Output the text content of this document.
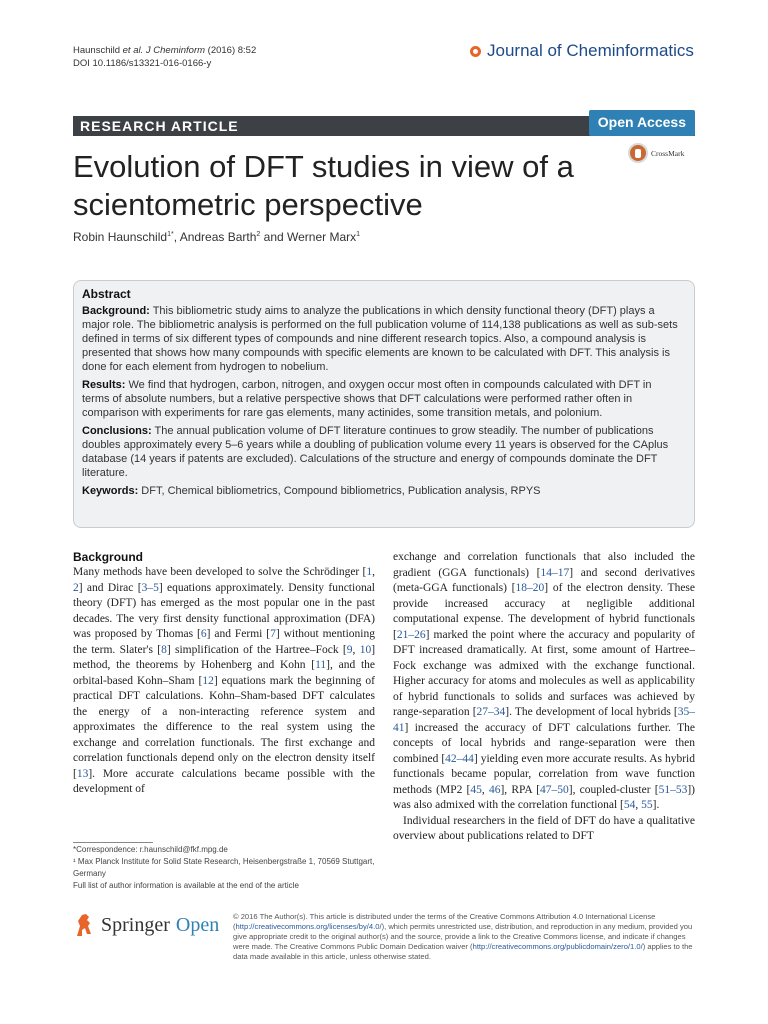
Haunschild et al. J Cheminform (2016) 8:52
DOI 10.1186/s13321-016-0166-y
Journal of Cheminformatics
RESEARCH ARTICLE	Open Access
CrossMark
Evolution of DFT studies in view of a scientometric perspective
Robin Haunschild$^{1*}$, Andreas Barth$^2$ and Werner Marx$^1$
Abstract

Background: This bibliometric study aims to analyze the publications in which density functional theory (DFT) plays a major role. The bibliometric analysis is performed on the full publication volume of 114,138 publications as well as sub-sets defined in terms of six different types of compounds and nine different research topics. Also, a compound analysis is presented that shows how many compounds with specific elements are known to be calculated with DFT. This analysis is done for each element from hydrogen to nobelium.

Results: We find that hydrogen, carbon, nitrogen, and oxygen occur most often in compounds calculated with DFT in terms of absolute numbers, but a relative perspective shows that DFT calculations were performed rather often in comparison with experiments for rare gas elements, many actinides, some transition metals, and polonium.

Conclusions: The annual publication volume of DFT literature continues to grow steadily. The number of publications doubles approximately every 5–6 years while a doubling of publication volume every 11 years is observed for the CAplus database (14 years if patents are excluded). Calculations of the structure and energy of compounds dominate the DFT literature.

Keywords: DFT, Chemical bibliometrics, Compound bibliometrics, Publication analysis, RPYS

Background

Many methods have been developed to solve the Schrödinger [1, 2] and Dirac [3–5] equations approximately. Density functional theory (DFT) has emerged as the most popular one in the past decades. The very first density functional approximation (DFA) was proposed by Thomas [6] and Fermi [7] without mentioning the term. Slater's [8] simplification of the Hartree–Fock [9, 10] method, the theorems by Hohenberg and Kohn [11], and the orbital-based Kohn–Sham [12] equations mark the beginning of practical DFT calculations. Kohn–Sham-based DFT calculates the energy of a non-interacting reference system and approximates the difference to the real system using the exchange and correlation functionals. The first exchange and correlation functionals depend only on the electron density itself [13]. More accurate calculations became possible with the development of

exchange and correlation functionals that also included the gradient (GGA functionals) [14–17] and second derivatives (meta-GGA functionals) [18–20] of the electron density. These provide increased accuracy at negligible additional computational expense. The development of hybrid functionals [21–26] marked the point where the accuracy and popularity of DFT increased dramatically. At first, some amount of Hartree–Fock exchange was admixed with the exchange functional. Higher accuracy for atoms and molecules as well as applicability of hybrid functionals to solids and surfaces was achieved by range-separation [27–34]. The development of local hybrids [35–41] increased the accuracy of DFT calculations further. The concepts of local hybrids and range-separation were then combined [42–44] yielding even more accurate results. As hybrid functionals became popular, correlation from wave function methods (MP2 [45, 46], RPA [47–50], coupled-cluster [51–53]) was also admixed with the correlation functional [54, 55].

Individual researchers in the field of DFT do have a qualitative overview about publications related to DFT

*Correspondence: r.haunschild@fkf.mpg.de

¹ Max Planck Institute for Solid State Research, Heisenbergstraße 1, 70569 Stuttgart, Germany

Full list of author information is available at the end of the article

Springer Open © 2016 The Author(s). This article is distributed under the terms of the Creative Commons Attribution 4.0 International License (http://creativecommons.org/licenses/by/4.0/), which permits unrestricted use, distribution, and reproduction in any medium, provided you give appropriate credit to the original author(s) and the source, provide a link to the Creative Commons license, and indicate if changes were made. The Creative Commons Public Domain Dedication waiver (http://creativecommons.org/publicdomain/zero/1.0/) applies to the data made available in this article, unless otherwise stated.
